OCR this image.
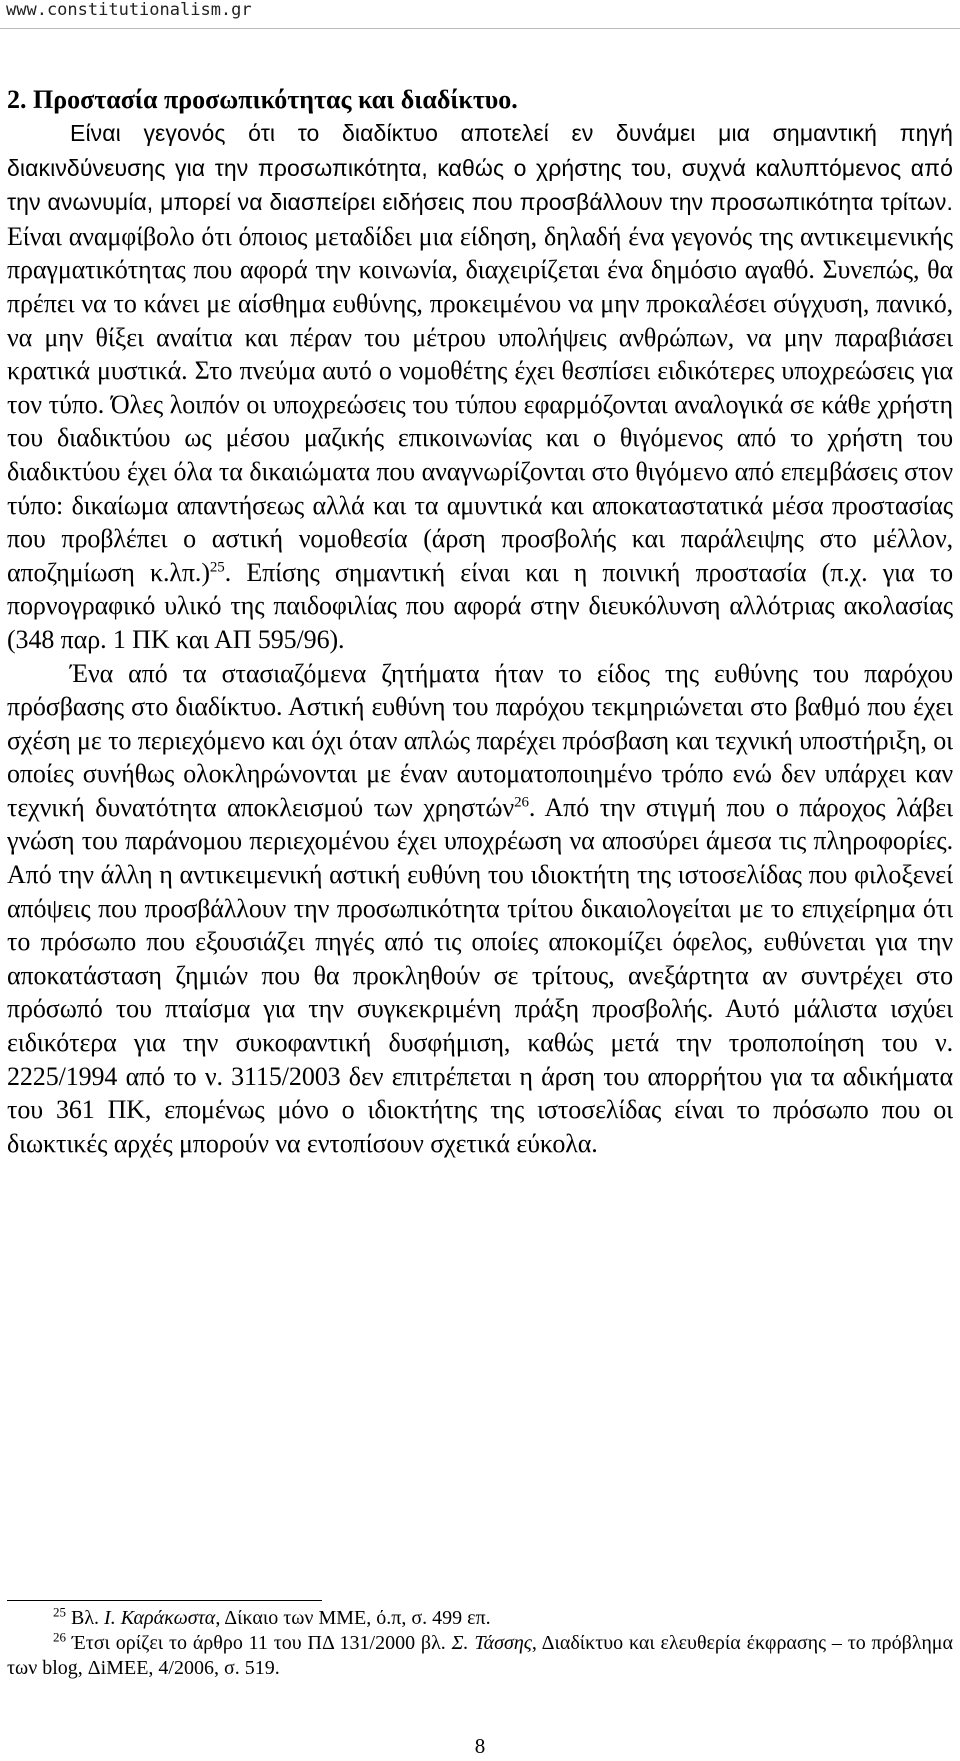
www.constitutionalism.gr

2. Προστασία προσωπικότητας και διαδίκτυο.

Είναι γεγονός ότι το διαδίκτυο αποτελεί εν δυνάμει μια σημαντική πηγή διακινδύνευσης για την προσωπικότητα, καθώς ο χρήστης του, συχνά καλυπτόμενος από την ανωνυμία, μπορεί να διασπείρει ειδήσεις που προσβάλλουν την προσωπικότητα τρίτων. Είναι αναμφίβολο ότι όποιος μεταδίδει μια είδηση, δηλαδή ένα γεγονός της αντικειμενικής πραγματικότητας που αφορά την κοινωνία, διαχειρίζεται ένα δημόσιο αγαθό. Συνεπώς, θα πρέπει να το κάνει με αίσθημα ευθύνης, προκειμένου να μην προκαλέσει σύγχυση, πανικό, να μην θίξει αναίτια και πέραν του μέτρου υπολήψεις ανθρώπων, να μην παραβιάσει κρατικά μυστικά. Στο πνεύμα αυτό ο νομοθέτης έχει θεσπίσει ειδικότερες υποχρεώσεις για τον τύπο. Όλες λοιπόν οι υποχρεώσεις του τύπου εφαρμόζονται αναλογικά σε κάθε χρήστη του διαδικτύου ως μέσου μαζικής επικοινωνίας και ο θιγόμενος από το χρήστη του διαδικτύου έχει όλα τα δικαιώματα που αναγνωρίζονται στο θιγόμενο από επεμβάσεις στον τύπο: δικαίωμα απαντήσεως αλλά και τα αμυντικά και αποκαταστατικά μέσα προστασίας που προβλέπει ο αστική νομοθεσία (άρση προσβολής και παράλειψης στο μέλλον, αποζημίωση κ.λπ.)$^{25}$. Επίσης σημαντική είναι και η ποινική προστασία (π.χ. για το πορνογραφικό υλικό της παιδοφιλίας που αφορά στην διευκόλυνση αλλότριας ακολασίας (348 παρ. 1 ΠΚ και ΑΠ 595/96).

Ένα από τα στασιαζόμενα ζητήματα ήταν το είδος της ευθύνης του παρόχου πρόσβασης στο διαδίκτυο. Αστική ευθύνη του παρόχου τεκμηριώνεται στο βαθμό που έχει σχέση με το περιεχόμενο και όχι όταν απλώς παρέχει πρόσβαση και τεχνική υποστήριξη, οι οποίες συνήθως ολοκληρώνονται με έναν αυτοματοποιημένο τρόπο ενώ δεν υπάρχει καν τεχνική δυνατότητα αποκλεισμού των χρηστών$^{26}$. Από την στιγμή που ο πάροχος λάβει γνώση του παράνομου περιεχομένου έχει υποχρέωση να αποσύρει άμεσα τις πληροφορίες. Από την άλλη η αντικειμενική αστική ευθύνη του ιδιοκτήτη της ιστοσελίδας που φιλοξενεί απόψεις που προσβάλλουν την προσωπικότητα τρίτου δικαιολογείται με το επιχείρημα ότι το πρόσωπο που εξουσιάζει πηγές από τις οποίες αποκομίζει όφελος, ευθύνεται για την αποκατάσταση ζημιών που θα προκληθούν σε τρίτους, ανεξάρτητα αν συντρέχει στο πρόσωπό του πταίσμα για την συγκεκριμένη πράξη προσβολής. Αυτό μάλιστα ισχύει ειδικότερα για την συκοφαντική δυσφήμιση, καθώς μετά την τροποποίηση του ν. 2225/1994 από το ν. 3115/2003 δεν επιτρέπεται η άρση του απορρήτου για τα αδικήματα του 361 ΠΚ, επομένως μόνο ο ιδιοκτήτης της ιστοσελίδας είναι το πρόσωπο που οι διωκτικές αρχές μπορούν να εντοπίσουν σχετικά εύκολα.

$^{25}$ Βλ. Ι. Καράκωστα, Δίκαιο των ΜΜΕ, ό.π, σ. 499 επ.

$^{26}$ Έτσι ορίζει το άρθρο 11 του ΠΔ 131/2000 βλ. Σ. Τάσσης, Διαδίκτυο και ελευθερία έκφρασης – το πρόβλημα των blog, ΔiΜΕΕ, 4/2006, σ. 519.

8
